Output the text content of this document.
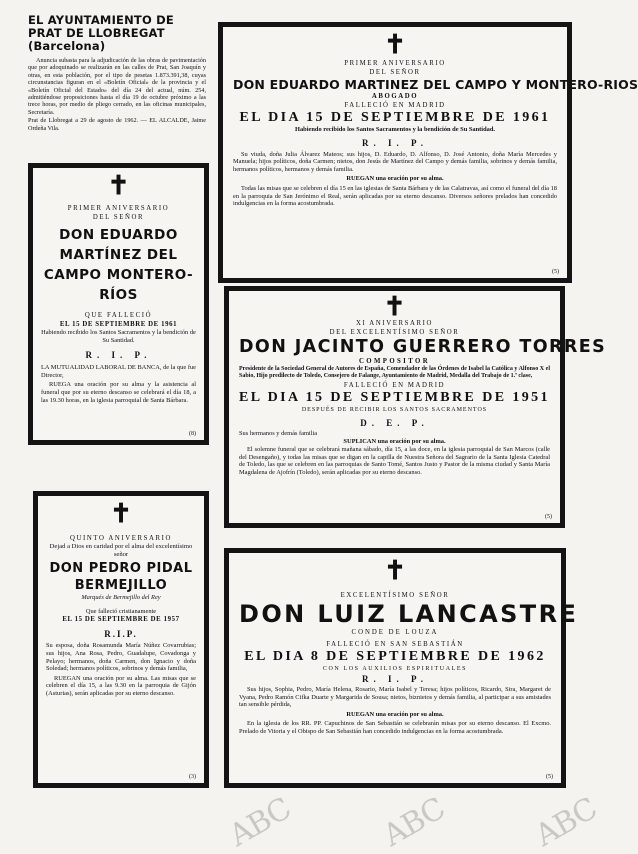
EL AYUNTAMIENTO DE PRAT DE LLOBREGAT (Barcelona)
Anuncia subasta para la adjudicación de las obras de pavimentación que por adoquinado se realizarán en las calles de Prat, San Joaquín y otras, en esta población, por el tipo de pesetas 1.873.391,38, cuyas circunstancias figuran en el «Boletín Oficial» de la provincia y el «Boletín Oficial del Estado» del día 24 del actual, núm. 254, admitiéndose proposiciones hasta el día 19 de octubre próximo a las trece horas, por medio de pliego cerrado, en las oficinas municipales, Secretaría.
Prat de Llobregat a 29 de agosto de 1962. — EL ALCALDE, Jaime Ordeña Vila.
✝
PRIMER ANIVERSARIO
DEL SEÑOR
DON EDUARDO MARTÍNEZ DEL CAMPO MONTERO-RÍOS
QUE FALLECIÓ
EL 15 DE SEPTIEMBRE DE 1961
Habiendo recibido los Santos Sacramentos y la bendición de Su Santidad.
R. I. P.
LA MUTUALIDAD LABORAL DE BANCA, de la que fue Director,
RUEGA una oración por su alma y la asistencia al funeral que por su eterno descanso se celebrará el día 18, a las 19.30 horas, en la iglesia parroquial de Santa Bárbara.
(8)
✝
QUINTO ANIVERSARIO
Dejad a Dios en caridad por el alma del excelentísimo señor
DON PEDRO PIDAL BERMEJILLO
Marqués de Bermejillo del Rey
Que falleció cristianamente
EL 15 DE SEPTIEMBRE DE 1957
R.I.P.
Su esposa, doña Rosamunda María Núñez Covarrubias; sus hijos, Ana Rosa, Pedro, Guadalupe, Covadonga y Pelayo; hermanos, doña Carmen, don Ignacio y doña Soledad; hermanos políticos, sobrinos y demás familia,
RUEGAN una oración por su alma. Las misas que se celebren el día 15, a las 9.30 en la parroquia de Gijón (Asturias), serán aplicadas por su eterno descanso.
(3)
✝
PRIMER ANIVERSARIO
DEL SEÑOR
DON EDUARDO MARTINEZ DEL CAMPO Y MONTERO-RIOS
ABOGADO
FALLECIÓ EN MADRID
EL DIA 15 DE SEPTIEMBRE DE 1961
Habiendo recibido los Santos Sacramentos y la bendición de Su Santidad.
R. I. P.
Su viuda, doña Julia Álvarez Mateos; sus hijos, D. Eduardo, D. Alfonso, D. José Antonio, doña María Mercedes y Manuela; hijos políticos, doña Carmen; nietos, don Jesús de Martínez del Campo y demás familia, sobrinos y demás familia, hermanos políticos, hermanos y demás familia.
RUEGAN una oración por su alma.
Todas las misas que se celebren el día 15 en las iglesias de Santa Bárbara y de las Calatravas, así como el funeral del día 18 en la parroquia de San Jerónimo el Real, serán aplicadas por su eterno descanso. Diversos señores prelados han concedido indulgencias en la forma acostumbrada.
(5)
✝
XI ANIVERSARIO
DEL EXCELENTÍSIMO SEÑOR
DON JACINTO GUERRERO TORRES
COMPOSITOR
Presidente de la Sociedad General de Autores de España, Comendador de las Órdenes de Isabel la Católica y Alfonso X el Sabio, Hijo predilecto de Toledo, Consejero de Falange, Ayuntamiento de Madrid, Medalla del Trabajo de 1.ª clase,
FALLECIÓ EN MADRID
EL DIA 15 DE SEPTIEMBRE DE 1951
DESPUÉS DE RECIBIR LOS SANTOS SACRAMENTOS
D. E. P.
Sus hermanos y demás familia
SUPLICAN una oración por su alma.
El solemne funeral que se celebrará mañana sábado, día 15, a las doce, en la iglesia parroquial de San Marcos (calle del Desengaño), y todas las misas que se digan en la capilla de Nuestra Señora del Sagrario de la Santa Iglesia Catedral de Toledo, las que se celebren en las parroquias de Santo Tomé, Santos Justo y Pastor de la misma ciudad y Santa María Magdalena de Ajofrín (Toledo), serán aplicadas por su eterno descanso.
(5)
✝
EXCELENTÍSIMO SEÑOR
DON LUIZ LANCASTRE
CONDE DE LOUZA
FALLECIÓ EN SAN SEBASTIÁN
EL DIA 8 DE SEPTIEMBRE DE 1962
CON LOS AUXILIOS ESPIRITUALES
R. I. P.
Sus hijos, Sophia, Pedro, María Helena, Rosario, María Isabel y Teresa; hijos políticos, Ricardo, Sira, Margaret de Vyana, Pedro Ramón Cifka Duarte y Margarida de Sousa; nietos, biznietos y demás familia, al participar a sus amistades tan sensible pérdida,
RUEGAN una oración por su alma.
En la iglesia de los RR. PP. Capuchinos de San Sebastián se celebrarán misas por su eterno descanso. El Excmo. Prelado de Vitoria y el Obispo de San Sebastián han concedido indulgencias en la forma acostumbrada.
(5)
ABC	ABC	ABC
